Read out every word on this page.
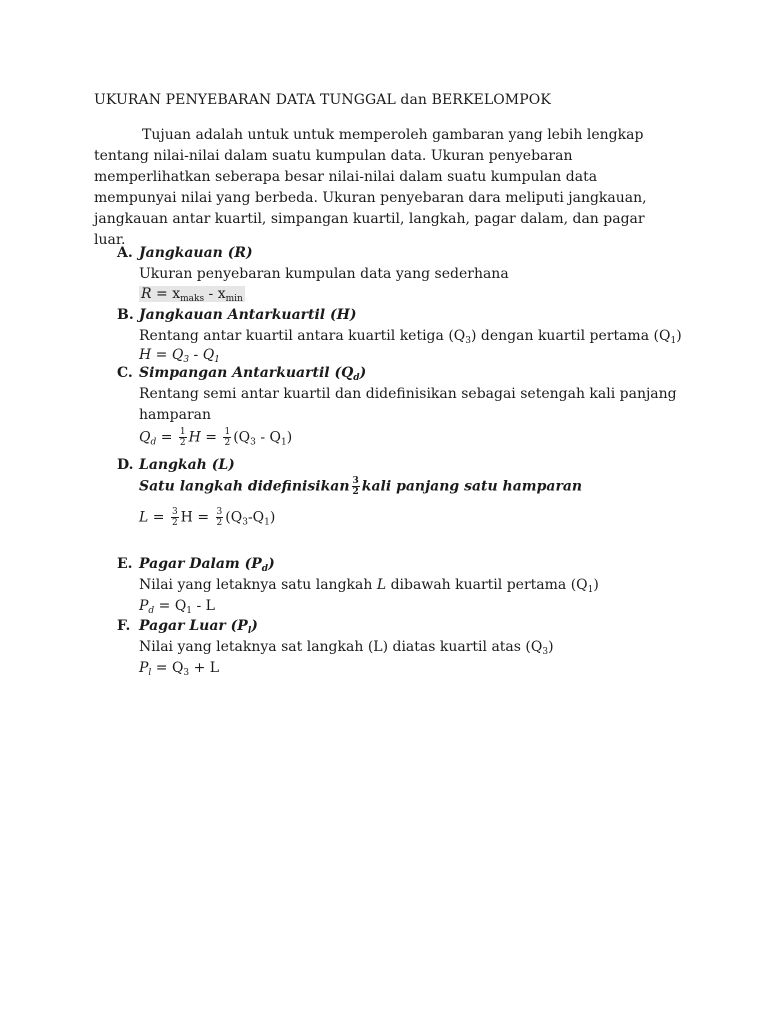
UKURAN PENYEBARAN DATA TUNGGAL dan BERKELOMPOK
Tujuan adalah untuk untuk memperoleh gambaran yang lebih lengkap tentang nilai-nilai dalam suatu kumpulan data. Ukuran penyebaran memperlihatkan seberapa besar nilai-nilai dalam suatu kumpulan data mempunyai nilai yang berbeda. Ukuran penyebaran dara meliputi jangkauan, jangkauan antar kuartil, simpangan kuartil, langkah, pagar dalam, dan pagar luar.
A. Jangkauan (R)
Ukuran penyebaran kumpulan data yang sederhana
$R = x_{maks} - x_{min}$
B. Jangkauan Antarkuartil (H)
Rentang antar kuartil antara kuartil ketiga $(Q_3)$ dengan kuartil pertama $(Q_1)$
$H = Q_3 - Q_1$
C. Simpangan Antarkuartil $(Q_d)$
Rentang semi antar kuartil dan didefinisikan sebagai setengah kali panjang
hamparan
$Q_d = \frac{1}{2}$ $H = \frac{1}{2} (Q_3 - Q_1)$
D. Langkah (L)
Satu langkah didefinisikan $\frac{3}{2}$ kali panjang satu hamparan
$L = \frac{3}{2}$ $H = \frac{3}{2} (Q_3-Q_1)$
E. Pagar Dalam $(P_d)$
Nilai yang letaknya satu langkah L dibawah kuartil pertama $(Q_1)$
$P_d = Q_1 - L$
F. Pagar Luar $(P_l)$
Nilai yang letaknya sat langkah (L) diatas kuartil atas $(Q_3)$
$P_l = Q_3 + L$
